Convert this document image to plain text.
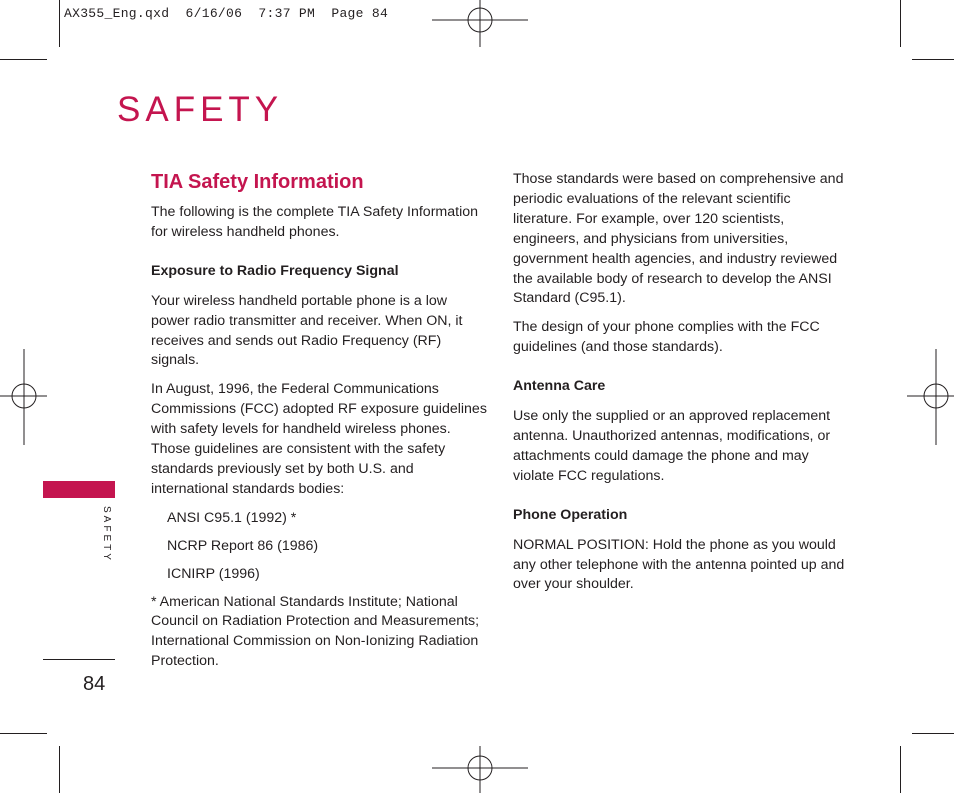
AX355_Eng.qxd  6/16/06  7:37 PM  Page 84
SAFETY
TIA Safety Information

The following is the complete TIA Safety Information for wireless handheld phones.

Exposure to Radio Frequency Signal

Your wireless handheld portable phone is a low power radio transmitter and receiver. When ON, it receives and sends out Radio Frequency (RF) signals.

In August, 1996, the Federal Communications Commissions (FCC) adopted RF exposure guidelines with safety levels for handheld wireless phones. Those guidelines are consistent with the safety standards previously set by both U.S. and international standards bodies:

ANSI C95.1 (1992) *

NCRP Report 86 (1986)

ICNIRP (1996)

* American National Standards Institute; National Council on Radiation Protection and Measurements; International Commission on Non-Ionizing Radiation Protection.

Those standards were based on comprehensive and periodic evaluations of the relevant scientific literature. For example, over 120 scientists, engineers, and physicians from universities, government health agencies, and industry reviewed the available body of research to develop the ANSI Standard (C95.1).

The design of your phone complies with the FCC guidelines (and those standards).

Antenna Care

Use only the supplied or an approved replacement antenna. Unauthorized antennas, modifications, or attachments could damage the phone and may violate FCC regulations.

Phone Operation

NORMAL POSITION: Hold the phone as you would any other telephone with the antenna pointed up and over your shoulder.

SAFETY
84
